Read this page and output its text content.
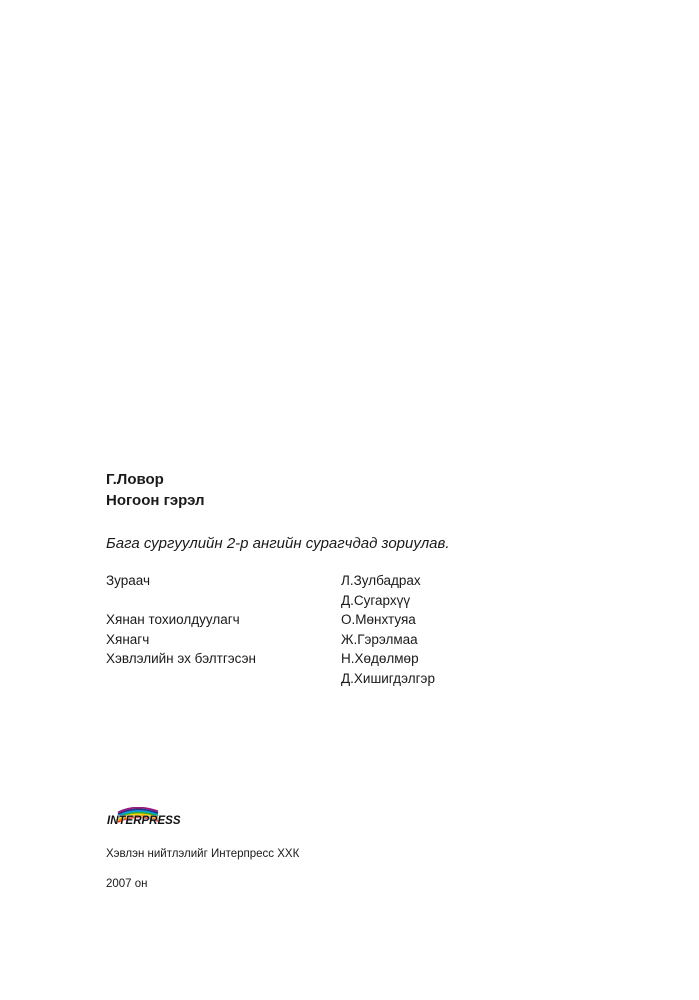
Г.Ловор
Ногоон гэрэл
Бага сургуулийн 2-р ангийн сурагчдад зориулав.
Зураач	Л.Зулбадрах
Д.Сугархүү
Хянан тохиолдуулагч	О.Мөнхтуяа
Хянагч	Ж.Гэрэлмаа
Хэвлэлийн эх бэлтгэсэн	Н.Хөдөлмөр
Д.Хишигдэлгэр
INTERPRESS
Хэвлэн нийтлэлийг Интерпресс ХХК
2007 он
